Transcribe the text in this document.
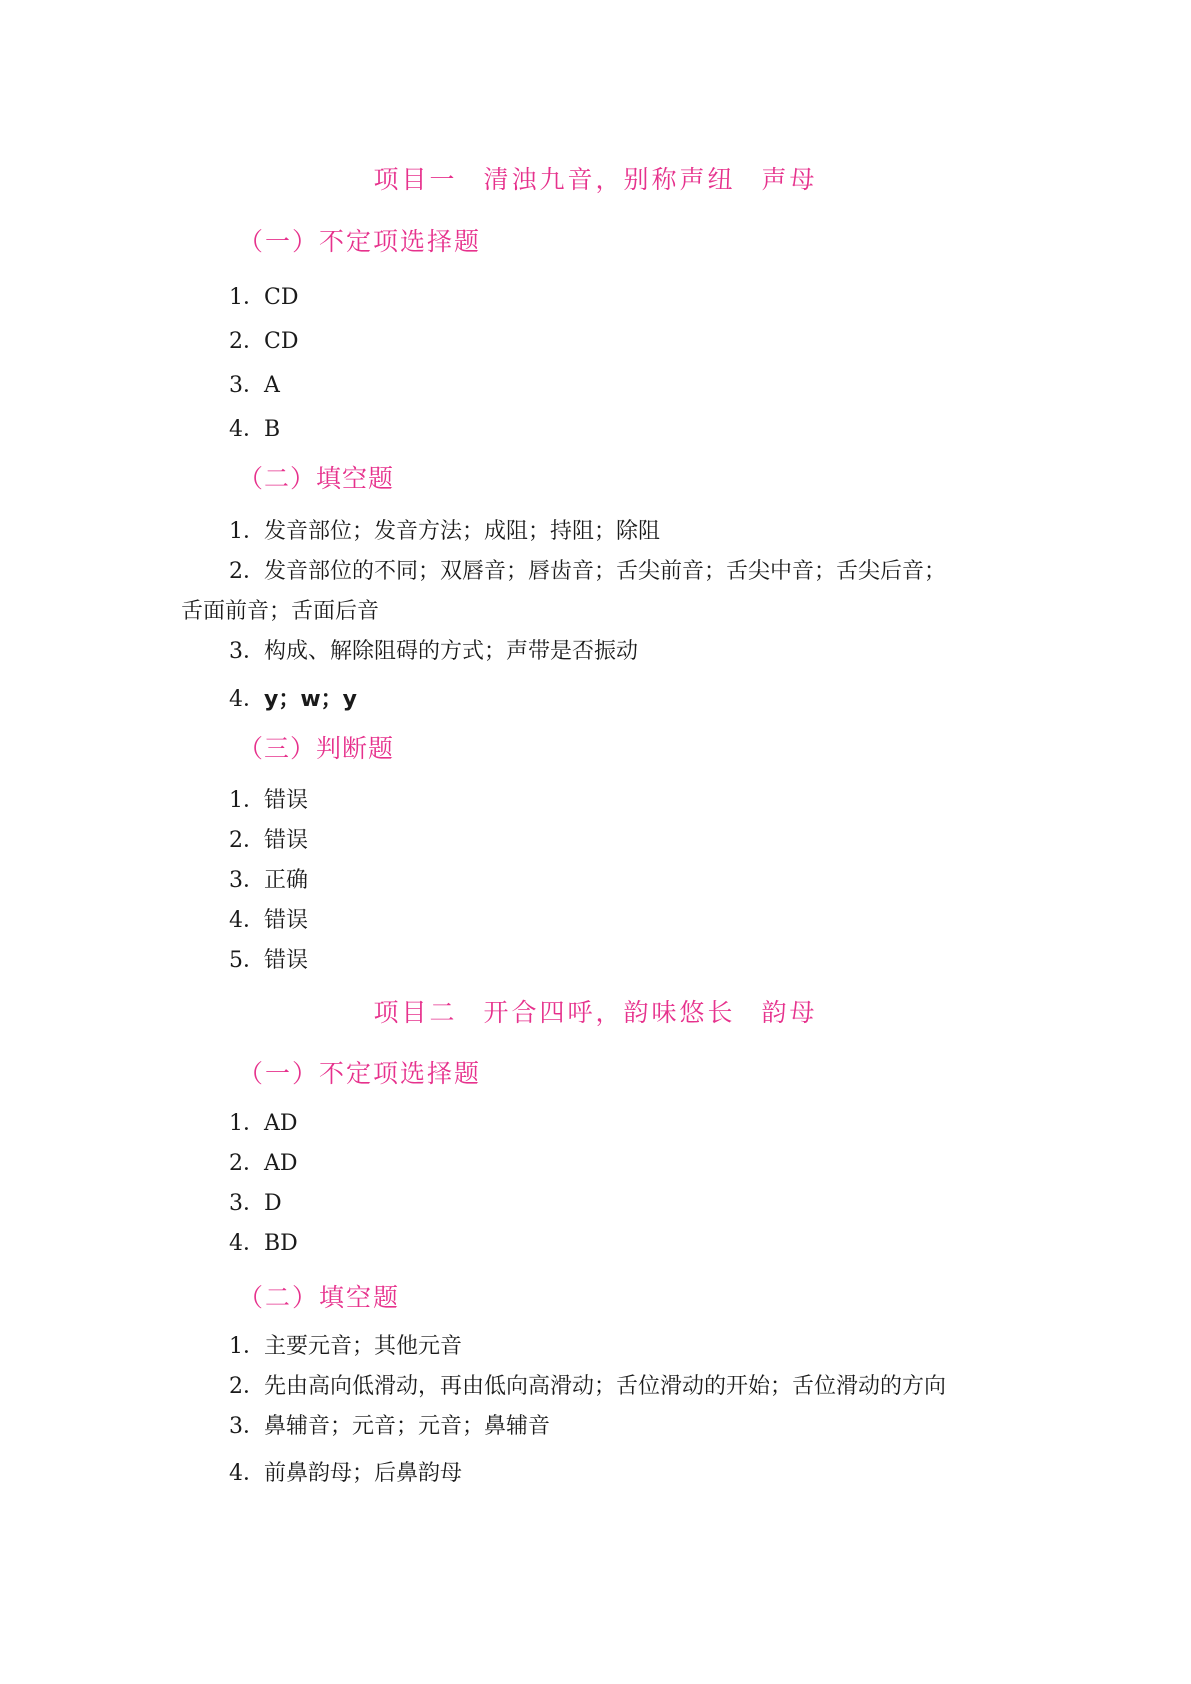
项目一 清浊九音，别称声纽 声母
（一）不定项选择题
1．CD
2．CD
3．A
4．B
（二）填空题
1．发音部位；发音方法；成阻；持阻；除阻
2．发音部位的不同；双唇音；唇齿音；舌尖前音；舌尖中音；舌尖后音；
舌面前音；舌面后音
3．构成、解除阻碍的方式；声带是否振动
4．y；w；y
（三）判断题
1．错误
2．错误
3．正确
4．错误
5．错误
项目二 开合四呼，韵味悠长 韵母
（一）不定项选择题
1．AD
2．AD
3．D
4．BD
（二）填空题
1．主要元音；其他元音
2．先由高向低滑动，再由低向高滑动；舌位滑动的开始；舌位滑动的方向
3．鼻辅音；元音；元音；鼻辅音
4．前鼻韵母；后鼻韵母
